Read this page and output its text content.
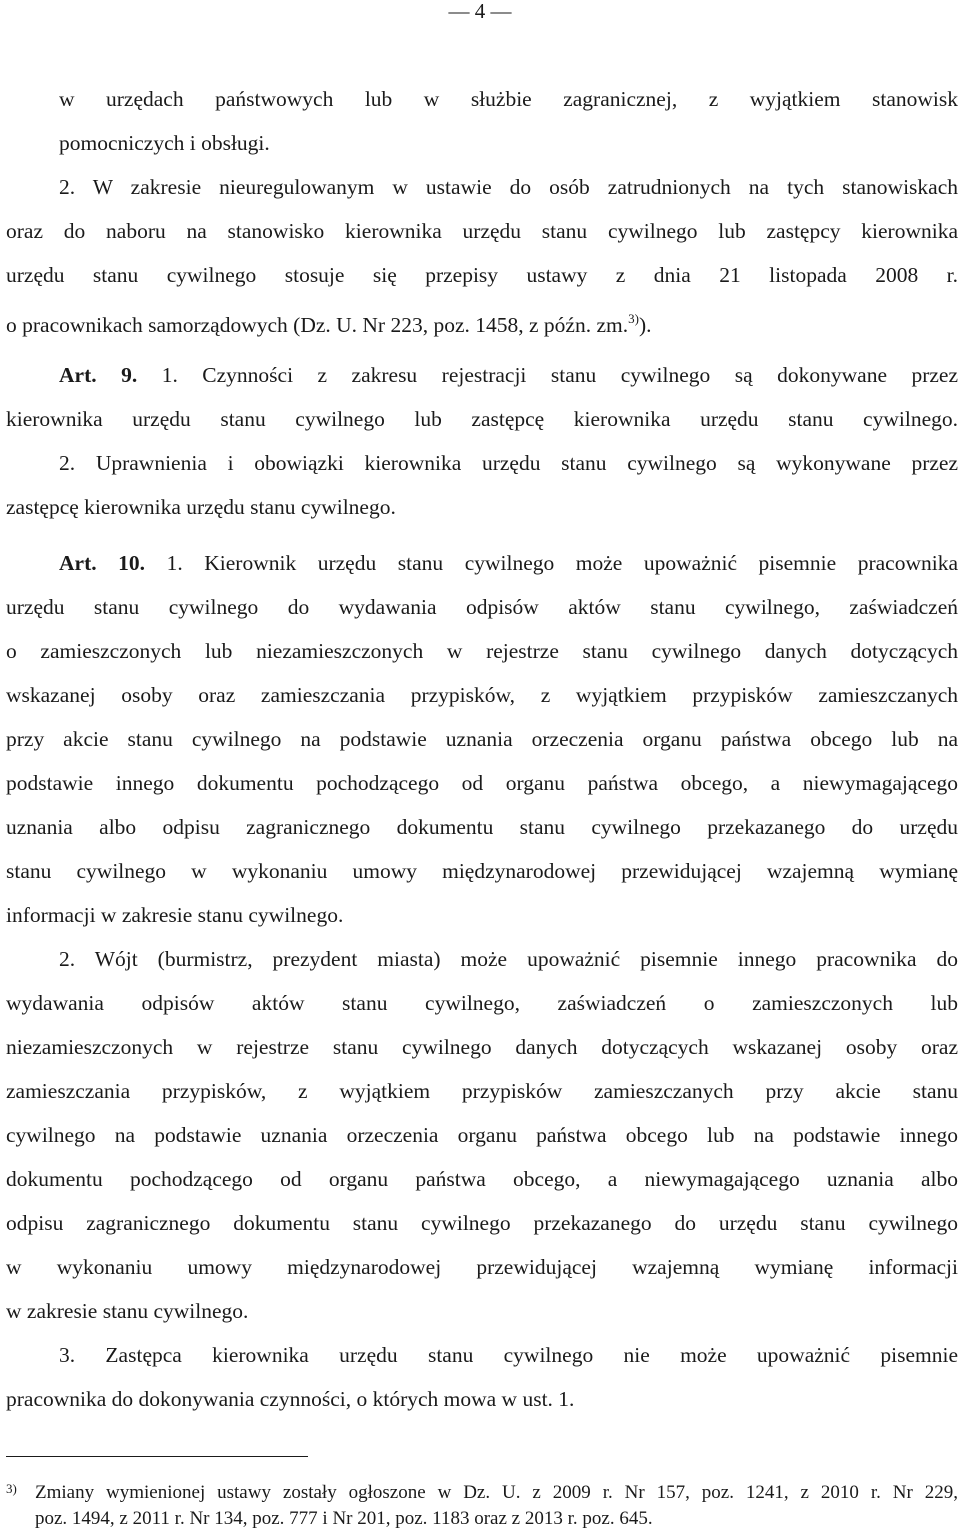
— 4 —
w urzędach państwowych lub w służbie zagranicznej, z wyjątkiem stanowisk
pomocniczych i obsługi.
2. W zakresie nieuregulowanym w ustawie do osób zatrudnionych na tych stanowiskach
oraz do naboru na stanowisko kierownika urzędu stanu cywilnego lub zastępcy kierownika
urzędu stanu cywilnego stosuje się przepisy ustawy z dnia 21 listopada 2008 r.
o pracownikach samorządowych (Dz. U. Nr 223, poz. 1458, z późn. zm.$^{3)}$).
Art. 9. 1. Czynności z zakresu rejestracji stanu cywilnego są dokonywane przez
kierownika urzędu stanu cywilnego lub zastępcę kierownika urzędu stanu cywilnego.
2. Uprawnienia i obowiązki kierownika urzędu stanu cywilnego są wykonywane przez
zastępcę kierownika urzędu stanu cywilnego.
Art. 10. 1. Kierownik urzędu stanu cywilnego może upoważnić pisemnie pracownika
urzędu stanu cywilnego do wydawania odpisów aktów stanu cywilnego, zaświadczeń
o zamieszczonych lub niezamieszczonych w rejestrze stanu cywilnego danych dotyczących
wskazanej osoby oraz zamieszczania przypisków, z wyjątkiem przypisków zamieszczanych
przy akcie stanu cywilnego na podstawie uznania orzeczenia organu państwa obcego lub na
podstawie innego dokumentu pochodzącego od organu państwa obcego, a niewymagającego
uznania albo odpisu zagranicznego dokumentu stanu cywilnego przekazanego do urzędu
stanu cywilnego w wykonaniu umowy międzynarodowej przewidującej wzajemną wymianę
informacji w zakresie stanu cywilnego.
2. Wójt (burmistrz, prezydent miasta) może upoważnić pisemnie innego pracownika do
wydawania odpisów aktów stanu cywilnego, zaświadczeń o zamieszczonych lub
niezamieszczonych w rejestrze stanu cywilnego danych dotyczących wskazanej osoby oraz
zamieszczania przypisków, z wyjątkiem przypisków zamieszczanych przy akcie stanu
cywilnego na podstawie uznania orzeczenia organu państwa obcego lub na podstawie innego
dokumentu pochodzącego od organu państwa obcego, a niewymagającego uznania albo
odpisu zagranicznego dokumentu stanu cywilnego przekazanego do urzędu stanu cywilnego
w wykonaniu umowy międzynarodowej przewidującej wzajemną wymianę informacji
w zakresie stanu cywilnego.
3. Zastępca kierownika urzędu stanu cywilnego nie może upoważnić pisemnie
pracownika do dokonywania czynności, o których mowa w ust. 1.
3) Zmiany wymienionej ustawy zostały ogłoszone w Dz. U. z 2009 r. Nr 157, poz. 1241, z 2010 r. Nr 229,
poz. 1494, z 2011 r. Nr 134, poz. 777 i Nr 201, poz. 1183 oraz z 2013 r. poz. 645.
